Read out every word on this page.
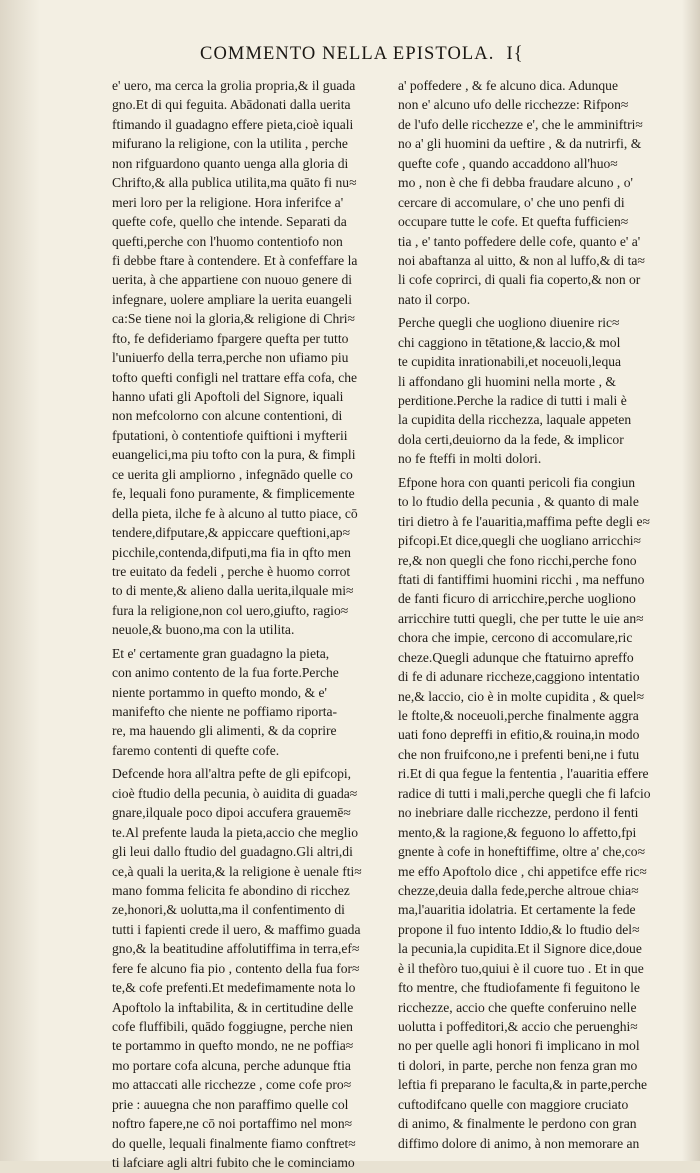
COMMENTO NELLA EPISTOLA. I{
e' uero, ma cerca la grolia propria,& il guada
gno.Et di qui feguita. Abādonati dalla uerita
ftimando il guadagno effere pieta,cioè iquali
mifurano la religione, con la utilita , perche
non rifguardono quanto uenga alla gloria di
Chrifto,& alla publica utilita,ma quāto fi nu≈
meri loro per la religione. Hora inferifce a'
quefte cofe, quello che intende. Separati da
quefti,perche con l'huomo contentiofo non
fi debbe ftare à contendere. Et à confeffare la
uerita, à che appartiene con nuouo genere di
infegnare, uolere ampliare la uerita euangeli
ca:Se tiene noi la gloria,& religione di Chri≈
fto, fe defideriamo fpargere quefta per tutto
l'uniuerfo della terra,perche non ufiamo piu
tofto quefti configli nel trattare effa cofa, che
hanno ufati gli Apoftoli del Signore, iquali
non mefcolorno con alcune contentioni, di
fputationi, ò contentiofe quiftioni i myfterii
euangelici,ma piu tofto con la pura, & fimpli
ce uerita gli ampliorno , infegnādo quelle co
fe, lequali fono puramente, & fimplicemente
della pieta, ilche fe à alcuno al tutto piace, cō
tendere,difputare,& appiccare queftioni,ap≈
picchile,contenda,difputi,ma fia in qfto men
tre euitato da fedeli , perche è huomo corrot
to di mente,& alieno dalla uerita,ilquale mi≈
fura la religione,non col uero,giufto, ragio≈
neuole,& buono,ma con la utilita.
Et e' certamente gran guadagno la pieta,
con animo contento de la fua forte.Perche
niente portammo in quefto mondo, & e'
manifefto che niente ne poffiamo riporta-
re, ma hauendo gli alimenti, & da coprire
faremo contenti di quefte cofe.
Defcende hora all'altra pefte de gli epifcopi,
cioè ftudio della pecunia, ò auidita di guada≈
gnare,ilquale poco dipoi accufera grauemē≈
te.Al prefente lauda la pieta,accio che meglio
gli leui dallo ftudio del guadagno.Gli altri,di
ce,à quali la uerita,& la religione è uenale fti≈
mano fomma felicita fe abondino di ricchez
ze,honori,& uolutta,ma il confentimento di
tutti i fapienti crede il uero, & maffimo guada
gno,& la beatitudine affolutiffima in terra,ef≈
fere fe alcuno fia pio , contento della fua for≈
te,& cofe prefenti.Et medefimamente nota lo
Apoftolo la inftabilita, & in certitudine delle
cofe fluffibili, quādo foggiugne, perche nien
te portammo in quefto mondo, ne ne poffia≈
mo portare cofa alcuna, perche adunque ftia
mo attaccati alle ricchezze , come cofe pro≈
prie : auuegna che non paraffimo quelle col
noftro fapere,ne cō noi portaffimo nel mon≈
do quelle, lequali finalmente fiamo conftret≈
ti lafciare agli altri fubito che le cominciamo
a' poffedere , & fe alcuno dica. Adunque
non e' alcuno ufo delle ricchezze: Rifpon≈
de l'ufo delle ricchezze e', che le amminiftri≈
no a' gli huomini da ueftire , & da nutrirfi, &
quefte cofe , quando accaddono all'huo≈
mo , non è che fi debba fraudare alcuno , o'
cercare di accomulare, o' che uno penfi di
occupare tutte le cofe. Et quefta fufficien≈
tia , e' tanto poffedere delle cofe, quanto e' a'
noi abaftanza al uitto, & non al luffo,& di ta≈
li cofe coprirci, di quali fia coperto,& non or
nato il corpo.
Perche quegli che uogliono diuenire ric≈
chi caggiono in tētatione,& laccio,& mol
te cupidita inrationabili,et noceuoli,lequa
li affondano gli huomini nella morte , &
perditione.Perche la radice di tutti i mali è
la cupidita della ricchezza, laquale appeten
dola certi,deuiorno da la fede, & implicor
no fe fteffi in molti dolori.
Efpone hora con quanti pericoli fia congiun
to lo ftudio della pecunia , & quanto di male
tiri dietro à fe l'auaritia,maffima pefte degli e≈
pifcopi.Et dice,quegli che uogliano arricchi≈
re,& non quegli che fono ricchi,perche fono
ftati di fantiffimi huomini ricchi , ma neffuno
de fanti ficuro di arricchire,perche uogliono
arricchire tutti quegli, che per tutte le uie an≈
chora che impie, cercono di accomulare,ric
cheze.Quegli adunque che ftatuirno apreffo
di fe di adunare riccheze,caggiono intentatio
ne,& laccio, cio è in molte cupidita , & quel≈
le ftolte,& noceuoli,perche finalmente aggra
uati fono depreffi in efitio,& rouina,in modo
che non fruifcono,ne i prefenti beni,ne i futu
ri.Et di qua fegue la fententia , l'auaritia effere
radice di tutti i mali,perche quegli che fi lafcio
no inebriare dalle ricchezze, perdono il fenti
mento,& la ragione,& feguono lo affetto,fpi
gnente à cofe in honeftiffime, oltre a' che,co≈
me effo Apoftolo dice , chi appetifce effe ric≈
chezze,deuia dalla fede,perche altroue chia≈
ma,l'auaritia idolatria. Et certamente la fede
propone il fuo intento Iddio,& lo ftudio del≈
la pecunia,la cupidita.Et il Signore dice,doue
è il thefòro tuo,quiui è il cuore tuo . Et in que
fto mentre, che ftudiofamente fi feguitono le
ricchezze, accio che quefte conferuino nelle
uolutta i poffeditori,& accio che peruenghi≈
no per quelle agli honori fi implicano in mol
ti dolori, in parte, perche non fenza gran mo
leftia fi preparano le faculta,& in parte,perche
cuftodifcano quelle con maggiore cruciato
di animo, & finalmente le perdono con gran
diffimo dolore di animo, à non memorare an
